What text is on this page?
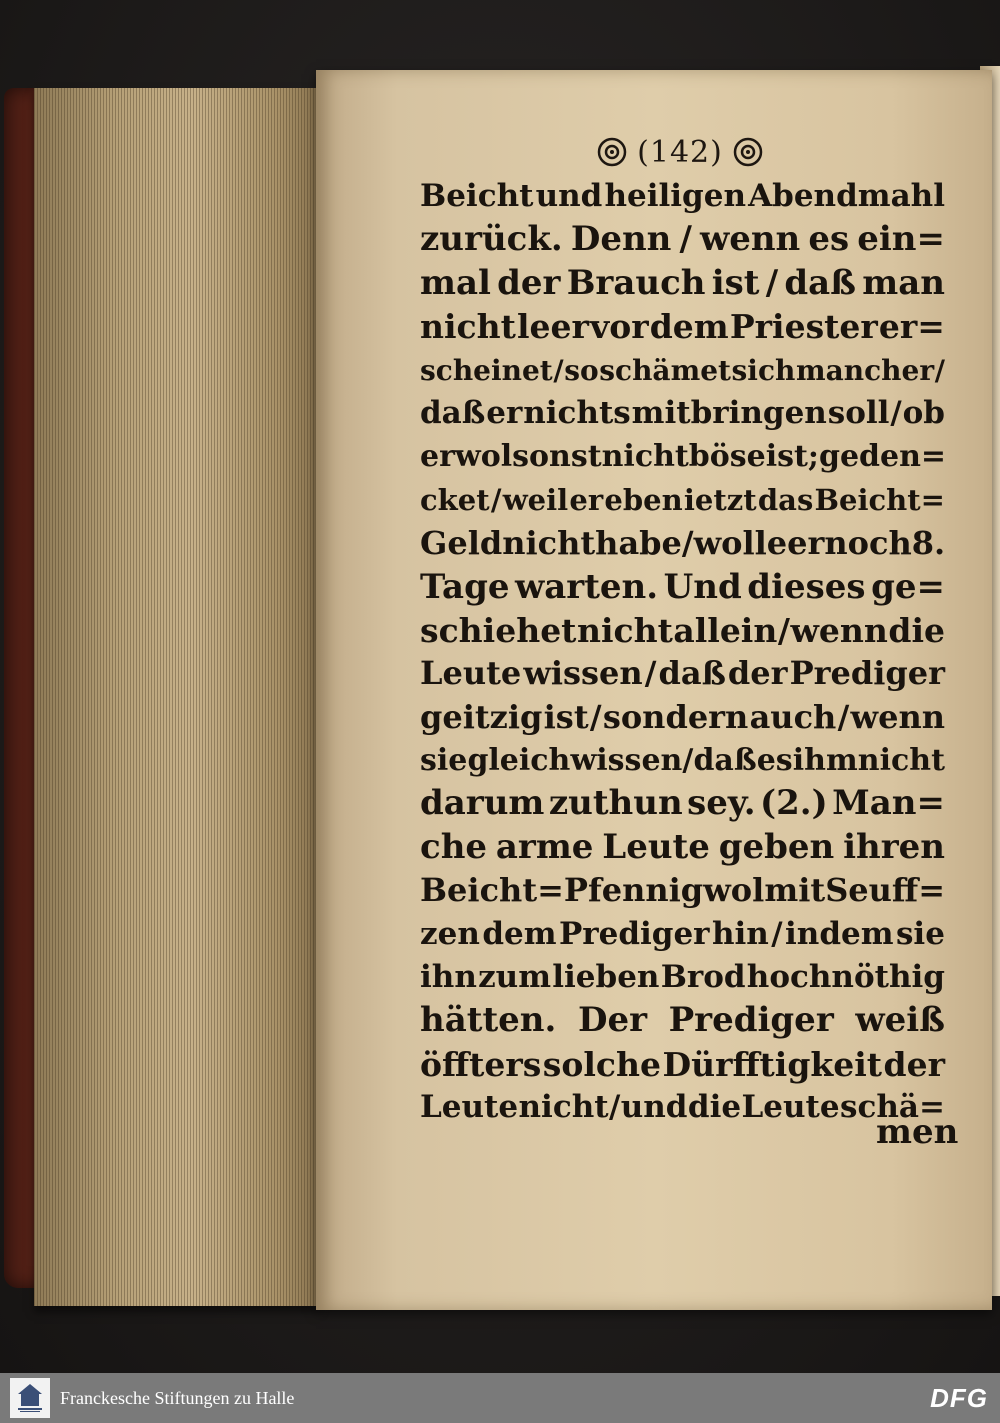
(142)
Beicht und heiligen Abendmahl
zurück. Denn / wenn es ein=
mal der Brauch ist / daß man
nicht leer vor dem Priester er=
scheinet / so schämet sich mancher /
daß er nichts mitbringen soll / ob
er wol sonst nicht böse ist ; geden=
cket / weil er eben ietzt das Beicht=
Geld nicht habe / wolle er noch 8.
Tage warten. Und dieses ge=
schiehet nicht allein / wenn die
Leute wissen / daß der Prediger
geitzig ist / sondern auch / wenn
sie gleich wissen / daß es ihm nicht
darum zuthun sey. (2.) Man=
che arme Leute geben ihren
Beicht=Pfennig wol mit Seuff=
zen dem Prediger hin / indem sie
ihn zum lieben Brod hochnöthig
hätten. Der Prediger weiß
öffters solche Dürfftigkeit der
Leute nicht / und die Leute schä=
men
Franckesche Stiftungen zu Halle	DFG
